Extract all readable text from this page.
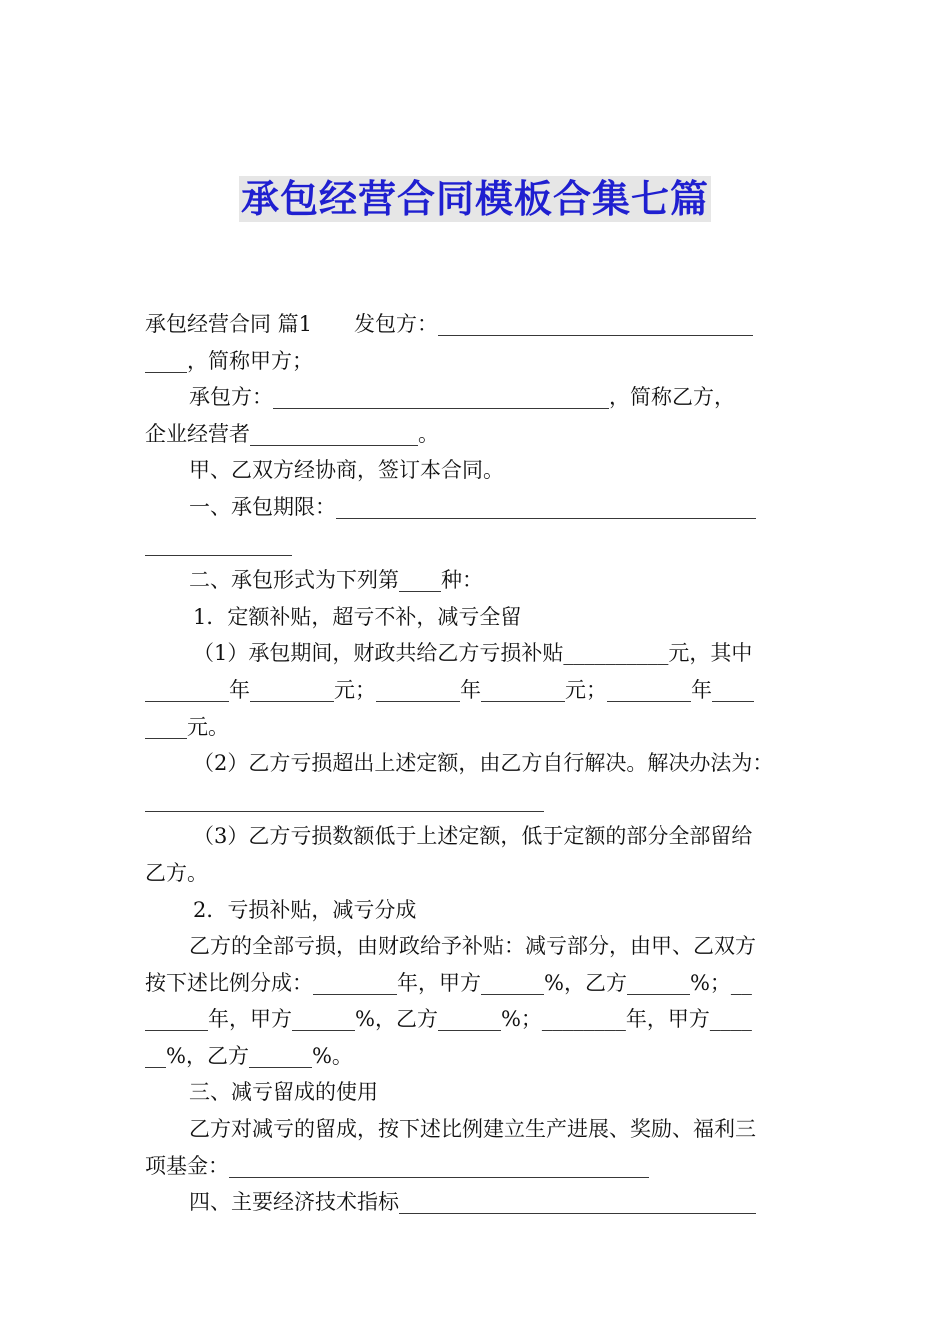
承包经营合同模板合集七篇
承包经营合同 篇1　　发包方：______________________________
____，简称甲方；
承包方：________________________________，简称乙方，
企业经营者________________。
甲、乙双方经协商，签订本合同。
一、承包期限：________________________________________
______________
二、承包形式为下列第____种：
1．定额补贴，超亏不补，减亏全留
（1）承包期间，财政共给乙方亏损补贴__________元，其中
________年________元；________年________元；________年____
____元。
（2）乙方亏损超出上述定额，由乙方自行解决。解决办法为：
______________________________________
（3）乙方亏损数额低于上述定额，低于定额的部分全部留给
乙方。
2．亏损补贴，减亏分成
乙方的全部亏损，由财政给予补贴：减亏部分，由甲、乙双方
按下述比例分成：________年，甲方______%，乙方______%；__
______年，甲方______%，乙方______%；________年，甲方____
__%，乙方______%。
三、减亏留成的使用
乙方对减亏的留成，按下述比例建立生产进展、奖励、福利三
项基金：________________________________________
四、主要经济技术指标__________________________________
